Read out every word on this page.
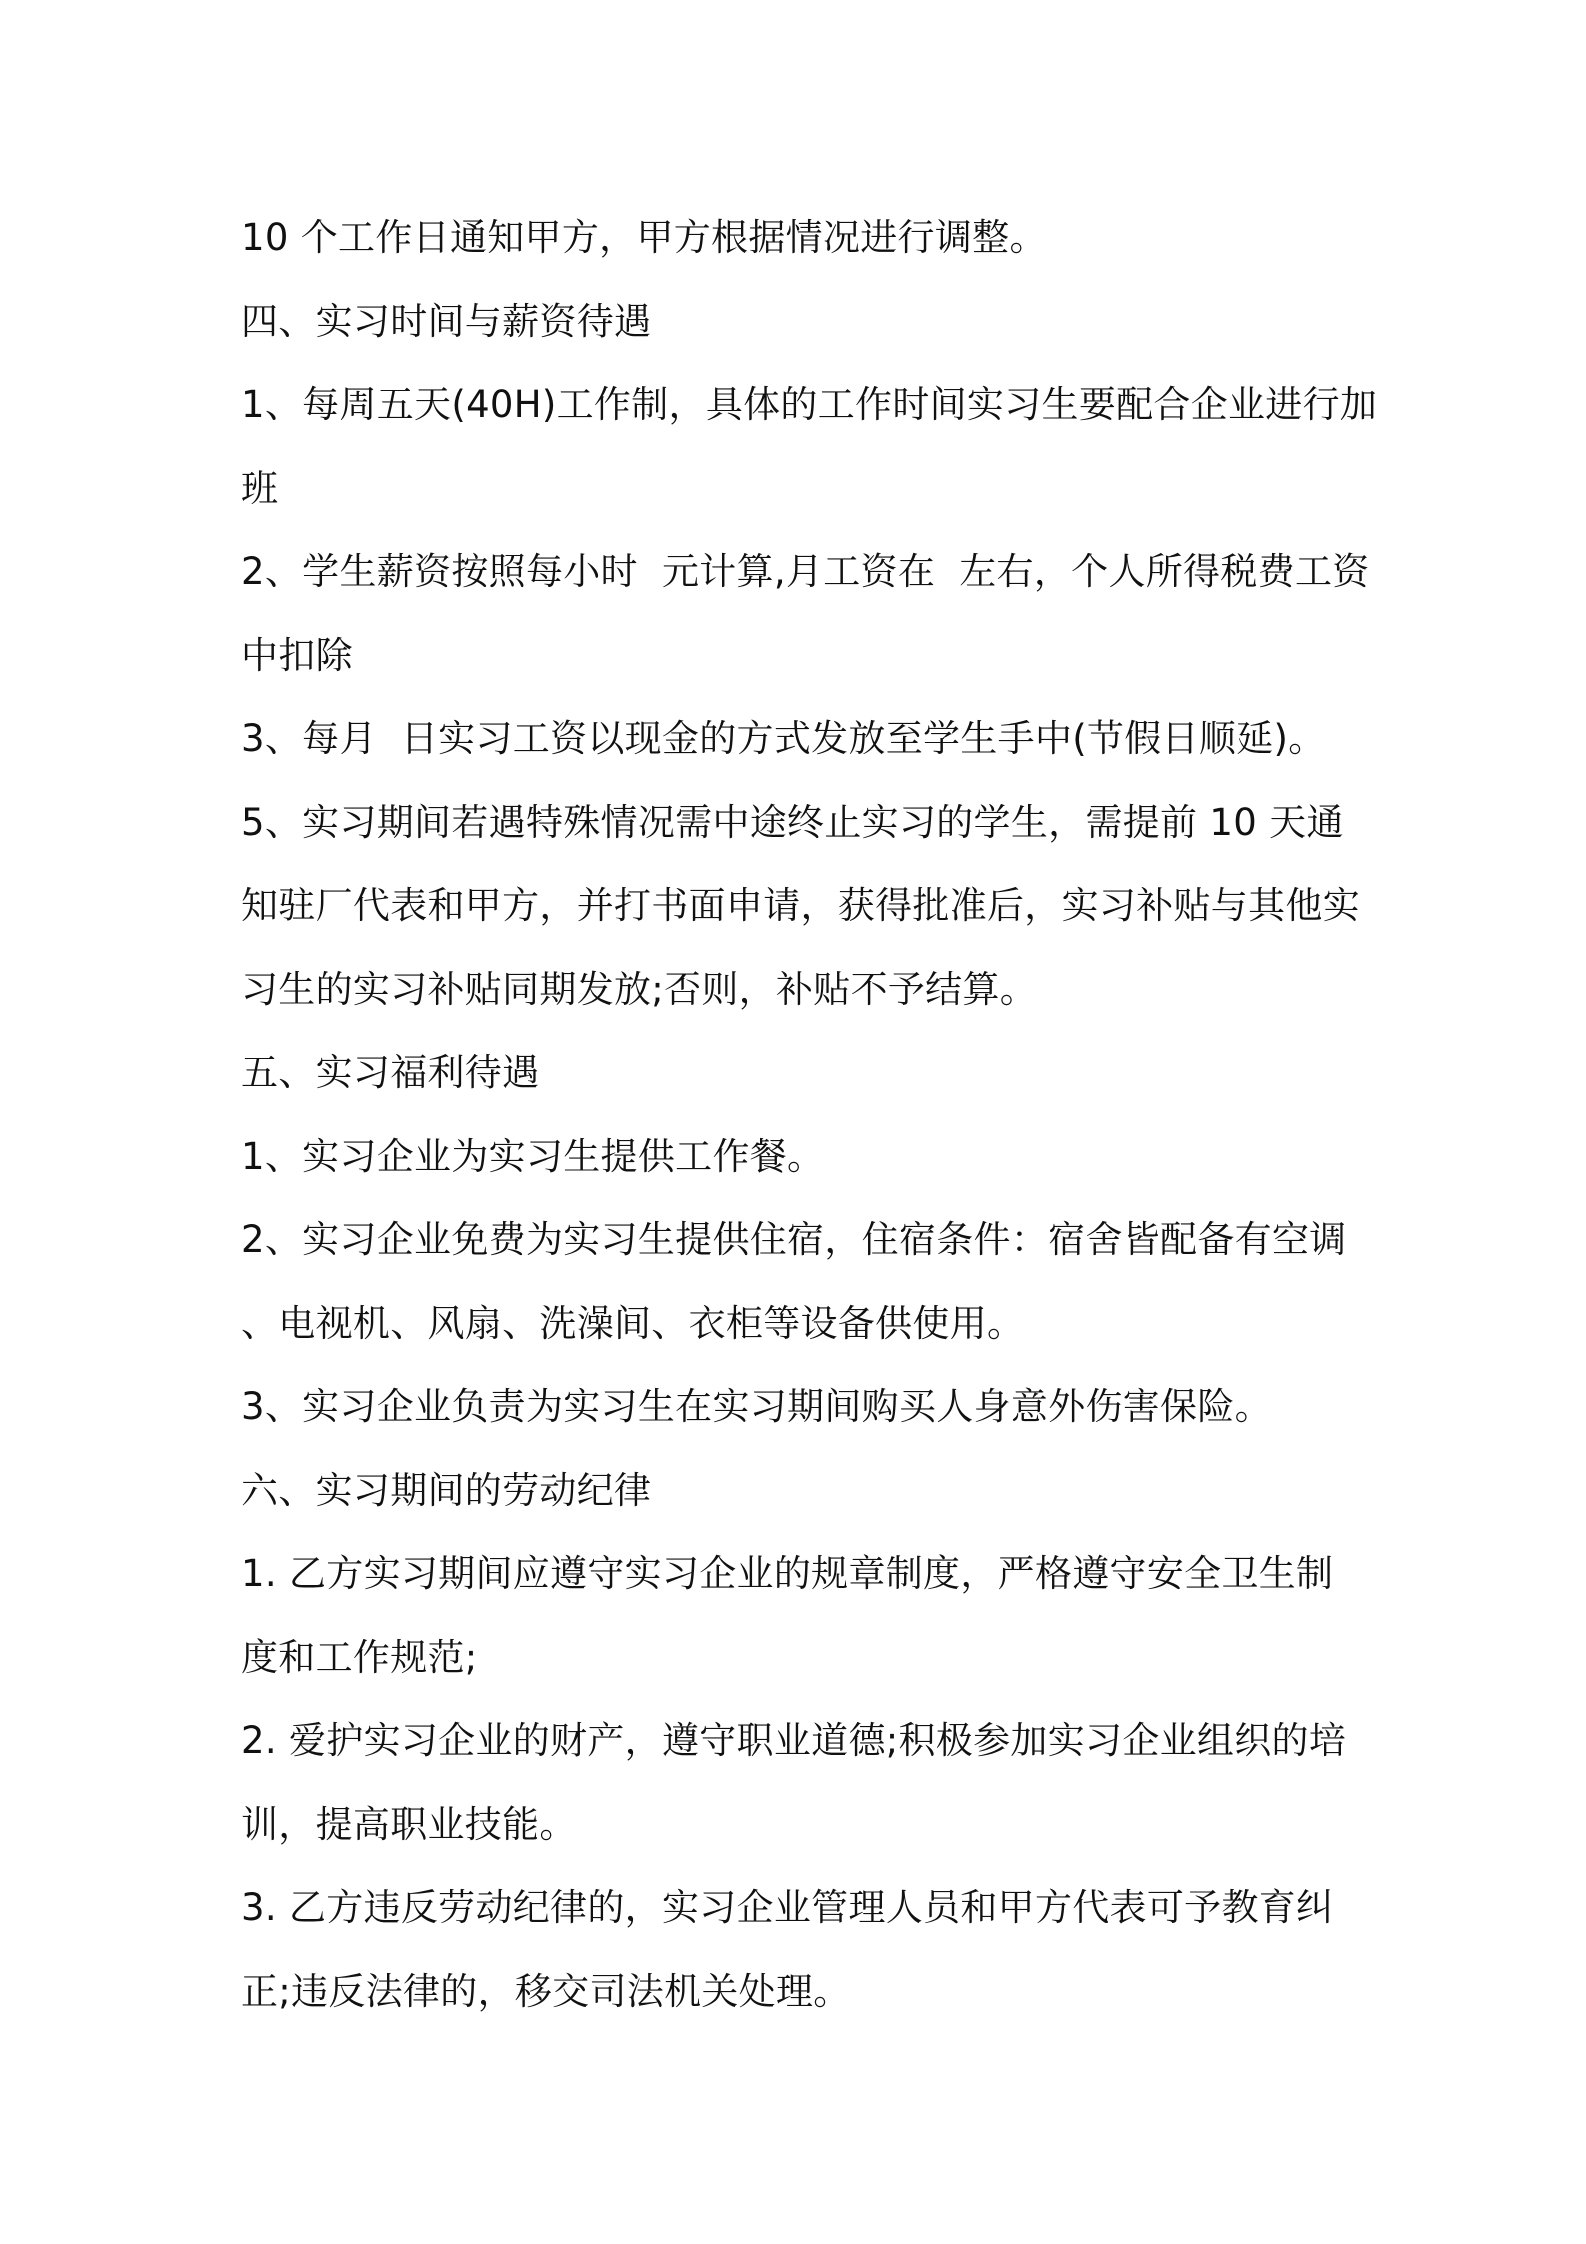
10 个工作日通知甲方，甲方根据情况进行调整。
四、实习时间与薪资待遇
1、每周五天(40H)工作制，具体的工作时间实习生要配合企业进行加
班
2、学生薪资按照每小时  元计算,月工资在  左右，个人所得税费工资
中扣除
3、每月  日实习工资以现金的方式发放至学生手中(节假日顺延)。
5、实习期间若遇特殊情况需中途终止实习的学生，需提前 10 天通
知驻厂代表和甲方，并打书面申请，获得批准后，实习补贴与其他实
习生的实习补贴同期发放;否则，补贴不予结算。
五、实习福利待遇
1、实习企业为实习生提供工作餐。
2、实习企业免费为实习生提供住宿，住宿条件：宿舍皆配备有空调
、电视机、风扇、洗澡间、衣柜等设备供使用。
3、实习企业负责为实习生在实习期间购买人身意外伤害保险。
六、实习期间的劳动纪律
1. 乙方实习期间应遵守实习企业的规章制度，严格遵守安全卫生制
度和工作规范;
2. 爱护实习企业的财产，遵守职业道德;积极参加实习企业组织的培
训，提高职业技能。
3. 乙方违反劳动纪律的，实习企业管理人员和甲方代表可予教育纠
正;违反法律的，移交司法机关处理。
